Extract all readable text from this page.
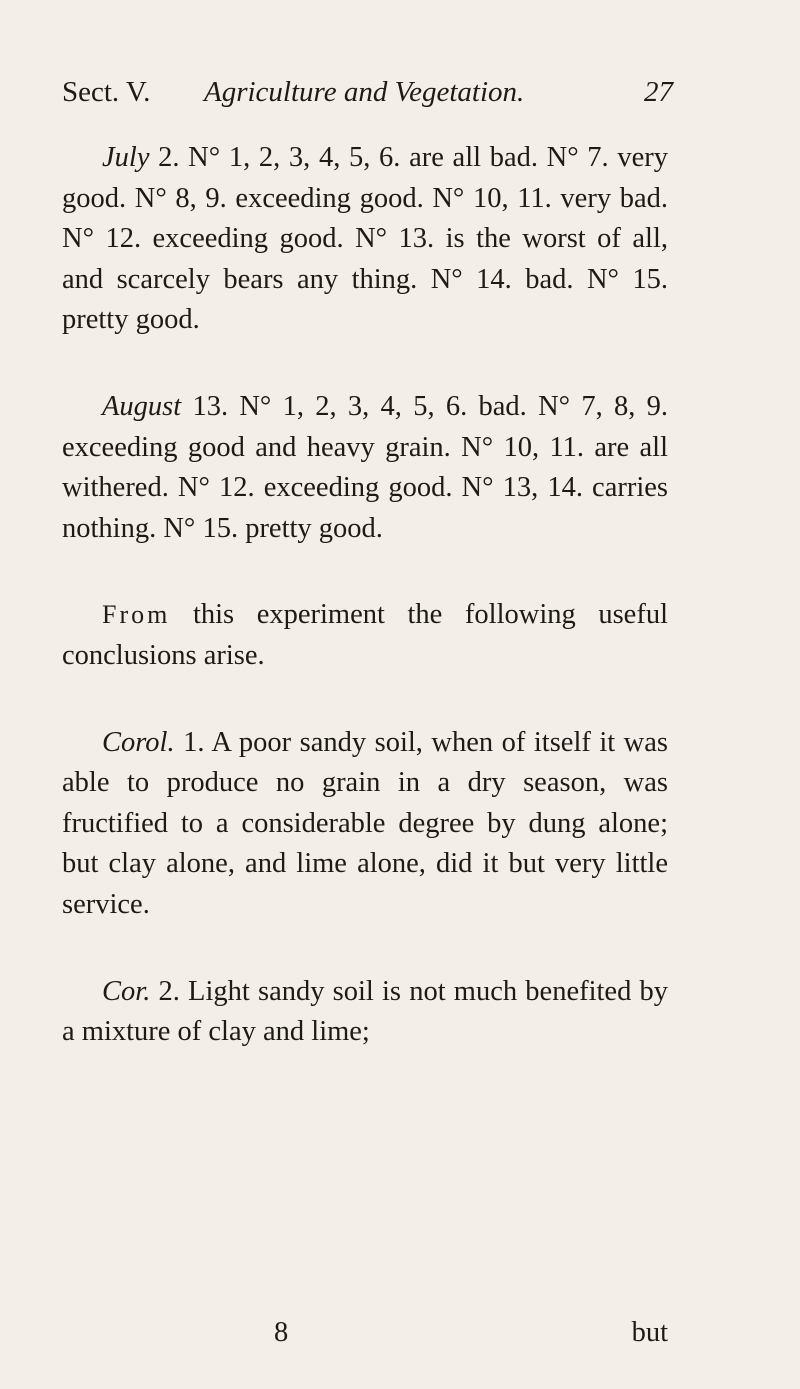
Sect. V. Agriculture and Vegetation.	27

July 2. N° 1, 2, 3, 4, 5, 6. are all bad. N° 7. very good. N° 8, 9. exceeding good. N° 10, 11. very bad. N° 12. exceeding good. N° 13. is the worst of all, and scarcely bears any thing. N° 14. bad. N° 15. pretty good.

August 13. N° 1, 2, 3, 4, 5, 6. bad. N° 7, 8, 9. exceeding good and heavy grain. N° 10, 11. are all withered. N° 12. exceeding good. N° 13, 14. carries nothing. N° 15. pretty good.

From this experiment the following useful conclusions arise.

Corol. 1. A poor sandy soil, when of itself it was able to produce no grain in a dry season, was fructified to a considerable degree by dung alone; but clay alone, and lime alone, did it but very little service.

Cor. 2. Light sandy soil is not much benefited by a mixture of clay and lime;

8	but
